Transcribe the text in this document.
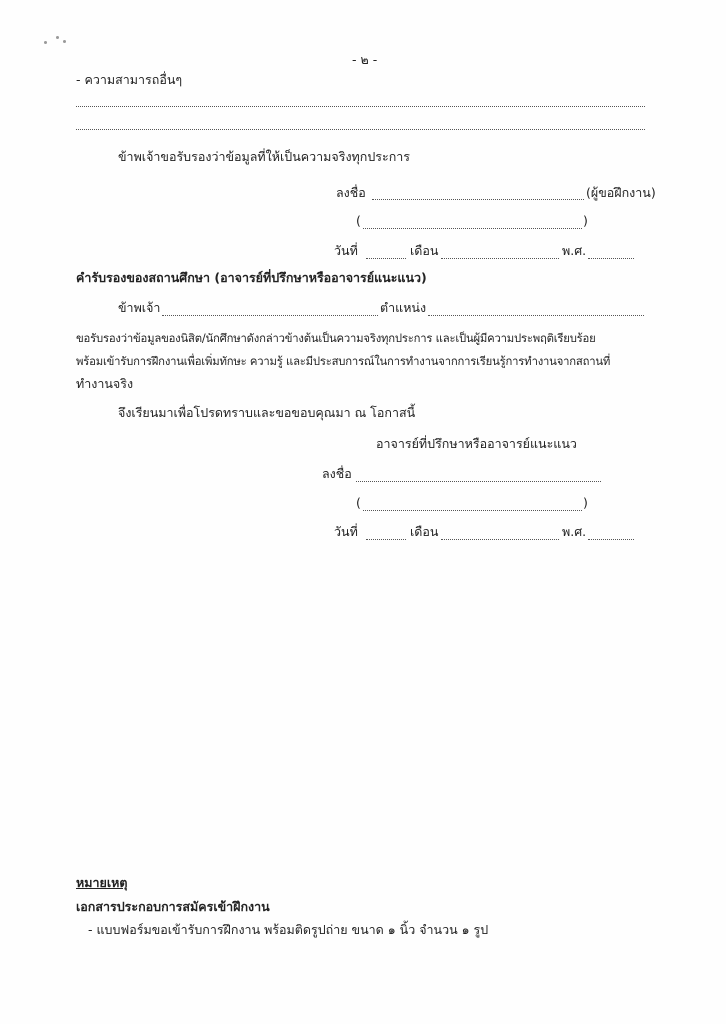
- ๒ -
- ความสามารถอื่นๆ
ข้าพเจ้าขอรับรองว่าข้อมูลที่ให้เป็นความจริงทุกประการ
ลงชื่อ	(ผู้ขอฝึกงาน)
(	)
วันที่	เดือน	พ.ศ.
คำรับรองของสถานศึกษา (อาจารย์ที่ปรึกษาหรืออาจารย์แนะแนว)
ข้าพเจ้า	ตำแหน่ง
ขอรับรองว่าข้อมูลของนิสิต/นักศึกษาดังกล่าวข้างต้นเป็นความจริงทุกประการ และเป็นผู้มีความประพฤติเรียบร้อย
พร้อมเข้ารับการฝึกงานเพื่อเพิ่มทักษะ ความรู้ และมีประสบการณ์ในการทำงานจากการเรียนรู้การทำงานจากสถานที่
ทำงานจริง
จึงเรียนมาเพื่อโปรดทราบและขอขอบคุณมา ณ โอกาสนี้
อาจารย์ที่ปรึกษาหรืออาจารย์แนะแนว
ลงชื่อ
(	)
วันที่	เดือน	พ.ศ.
หมายเหตุ
เอกสารประกอบการสมัครเข้าฝึกงาน
- แบบฟอร์มขอเข้ารับการฝึกงาน พร้อมติดรูปถ่าย ขนาด ๑ นิ้ว จำนวน ๑ รูป
